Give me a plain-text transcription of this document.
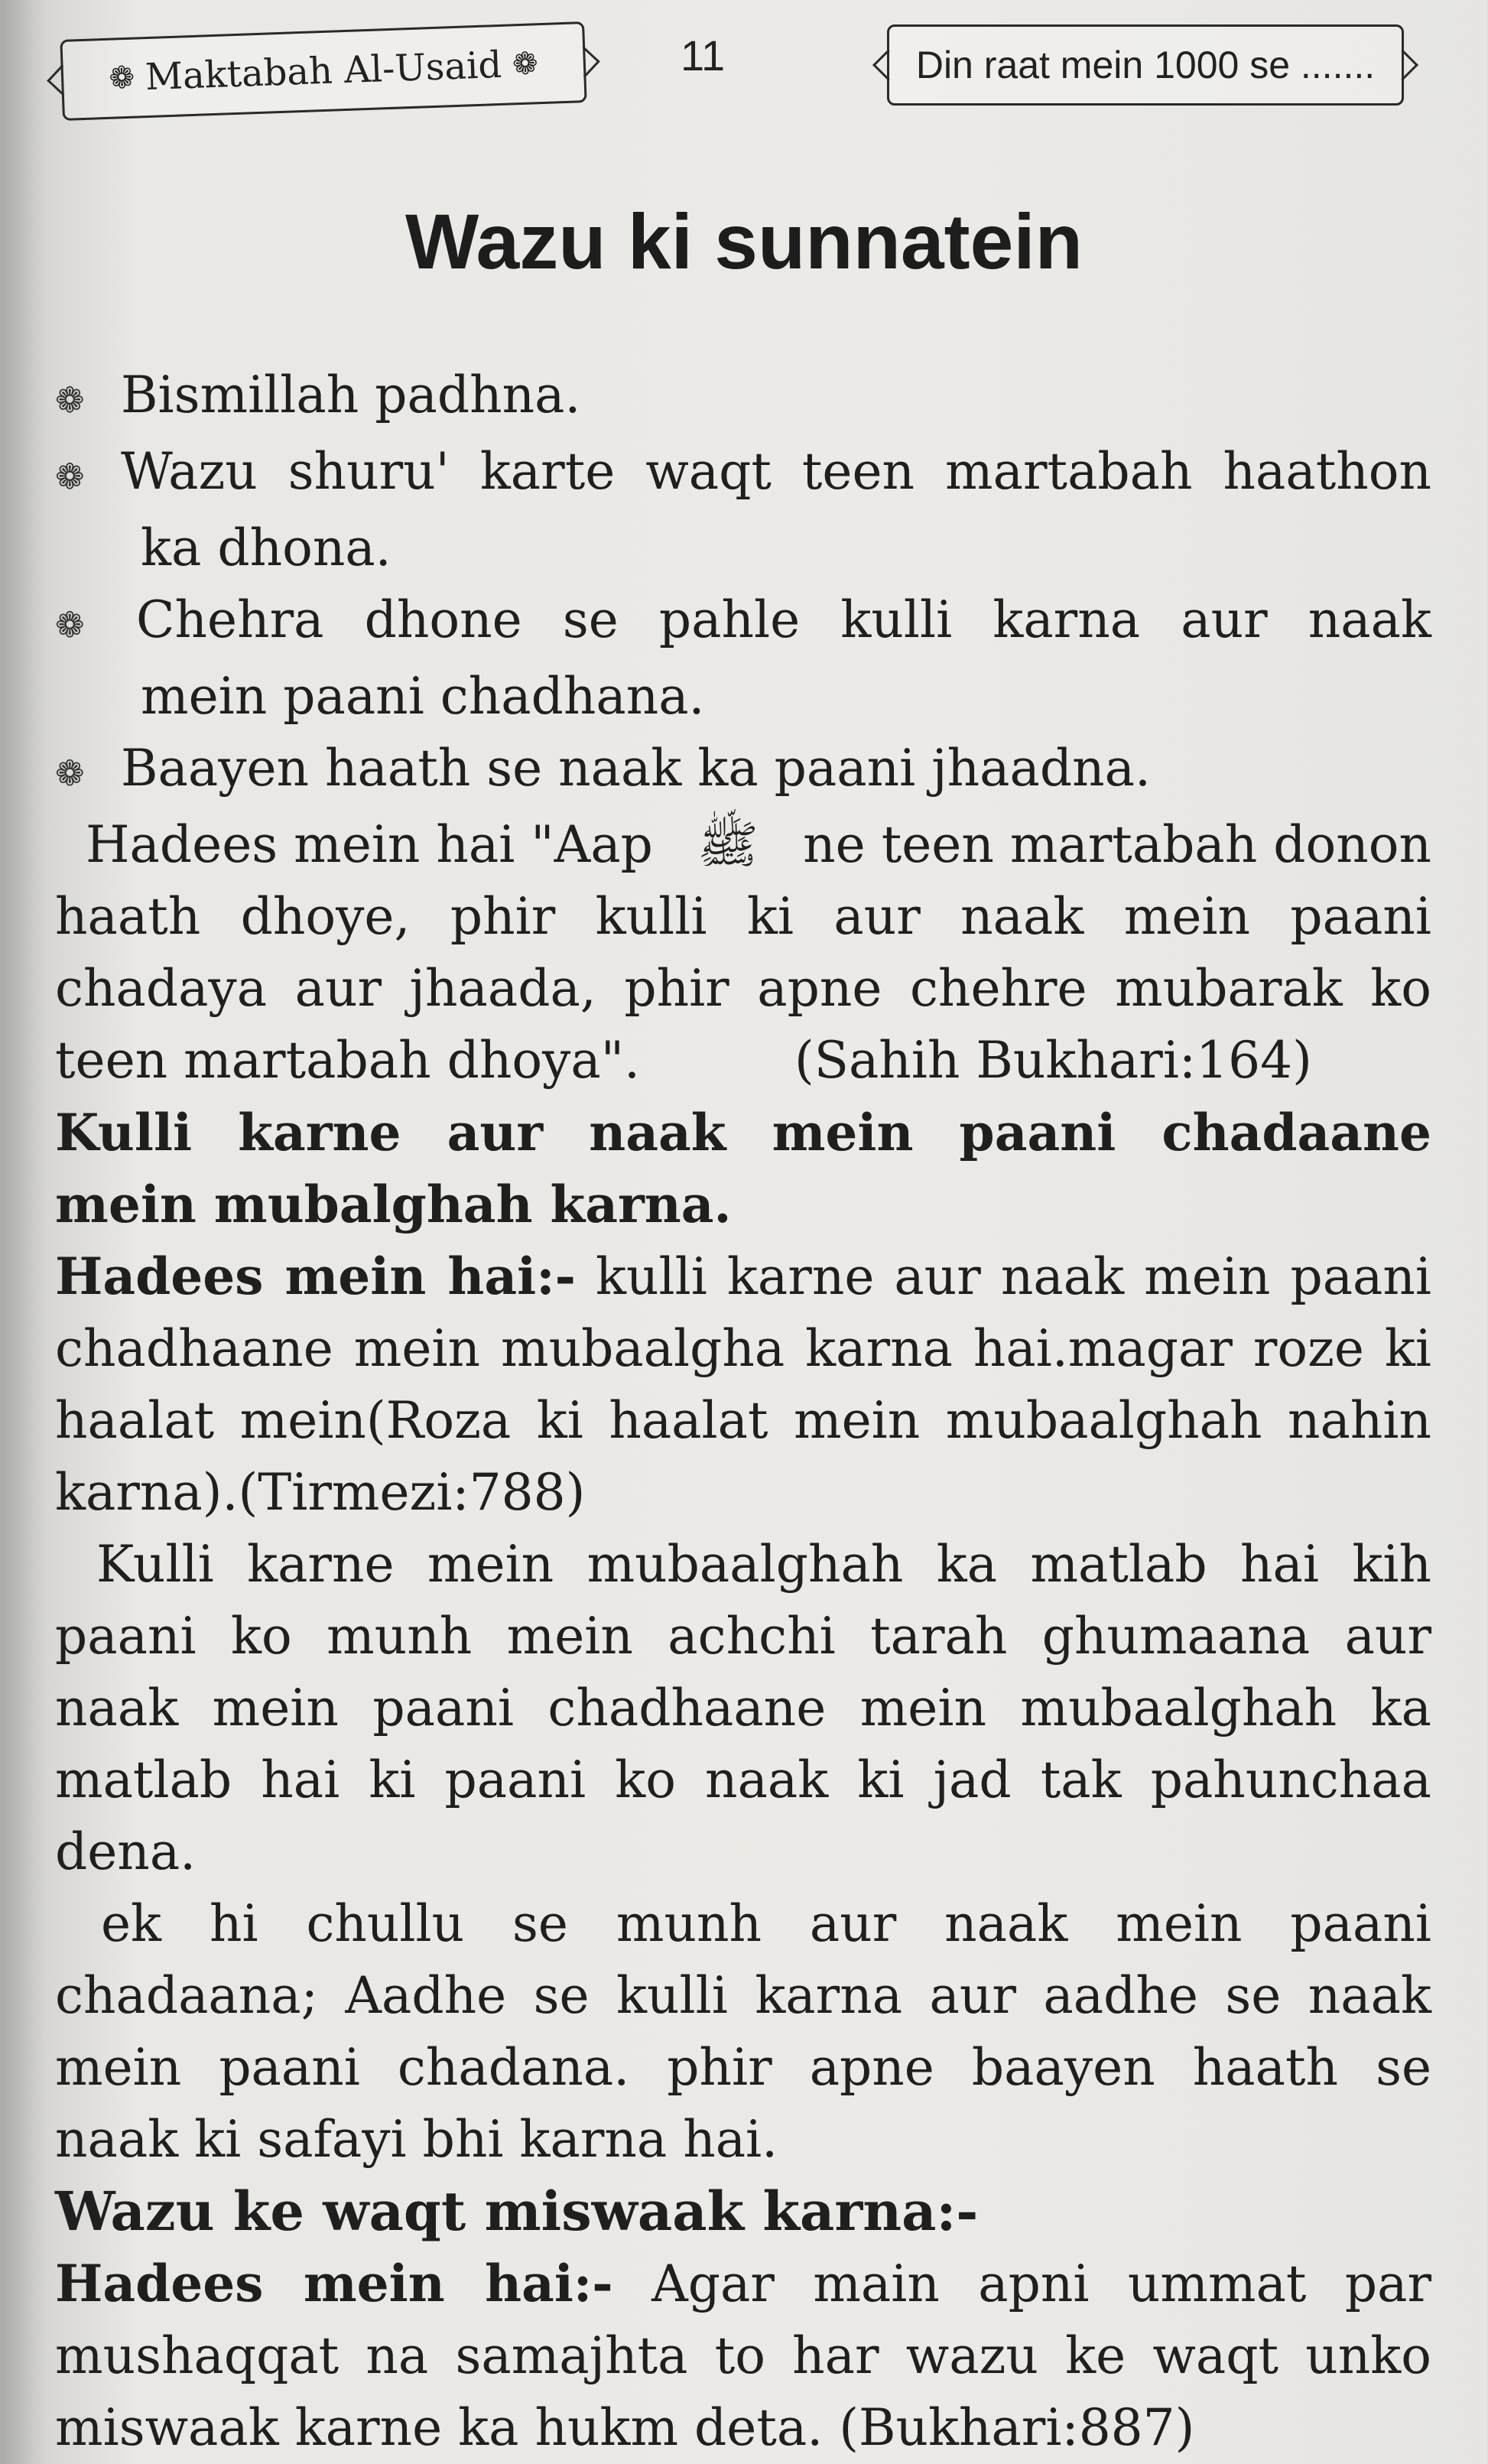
❁ Maktabah Al-Usaid ❁	11	Din raat mein 1000 se .......
Wazu ki sunnatein
❁ Bismillah padhna.
❁ Wazu shuru' karte waqt teen martabah haathon
ka dhona.
❁	Chehra dhone se pahle kulli karna aur naak
mein paani chadhana.
❁ Baayen haath se naak ka paani jhaadna.
Hadees mein hai "Aap ﷺ ne teen martabah donon
haath dhoye, phir kulli ki aur naak mein paani
chadaya aur jhaada, phir apne chehre mubarak ko
teen martabah dhoya".	(Sahih Bukhari:164)
Kulli karne aur naak mein paani chadaane
mein mubalghah karna.
Hadees mein hai:- kulli karne aur naak mein paani
chadhaane mein mubaalgha karna hai.magar roze ki
haalat mein(Roza ki haalat mein mubaalghah nahin
karna).(Tirmezi:788)
Kulli karne mein mubaalghah ka matlab hai kih
paani ko munh mein achchi tarah ghumaana aur
naak mein paani chadhaane mein mubaalghah ka
matlab hai ki paani ko naak ki jad tak pahunchaa
dena.
ek hi chullu se munh aur naak mein paani
chadaana; Aadhe se kulli karna aur aadhe se naak
mein paani chadana. phir apne baayen haath se
naak ki safayi bhi karna hai.
Wazu ke waqt miswaak karna:-
Hadees mein hai:- Agar main apni ummat par
mushaqqat na samajhta to har wazu ke waqt unko
miswaak karne ka hukm deta. (Bukhari:887)
